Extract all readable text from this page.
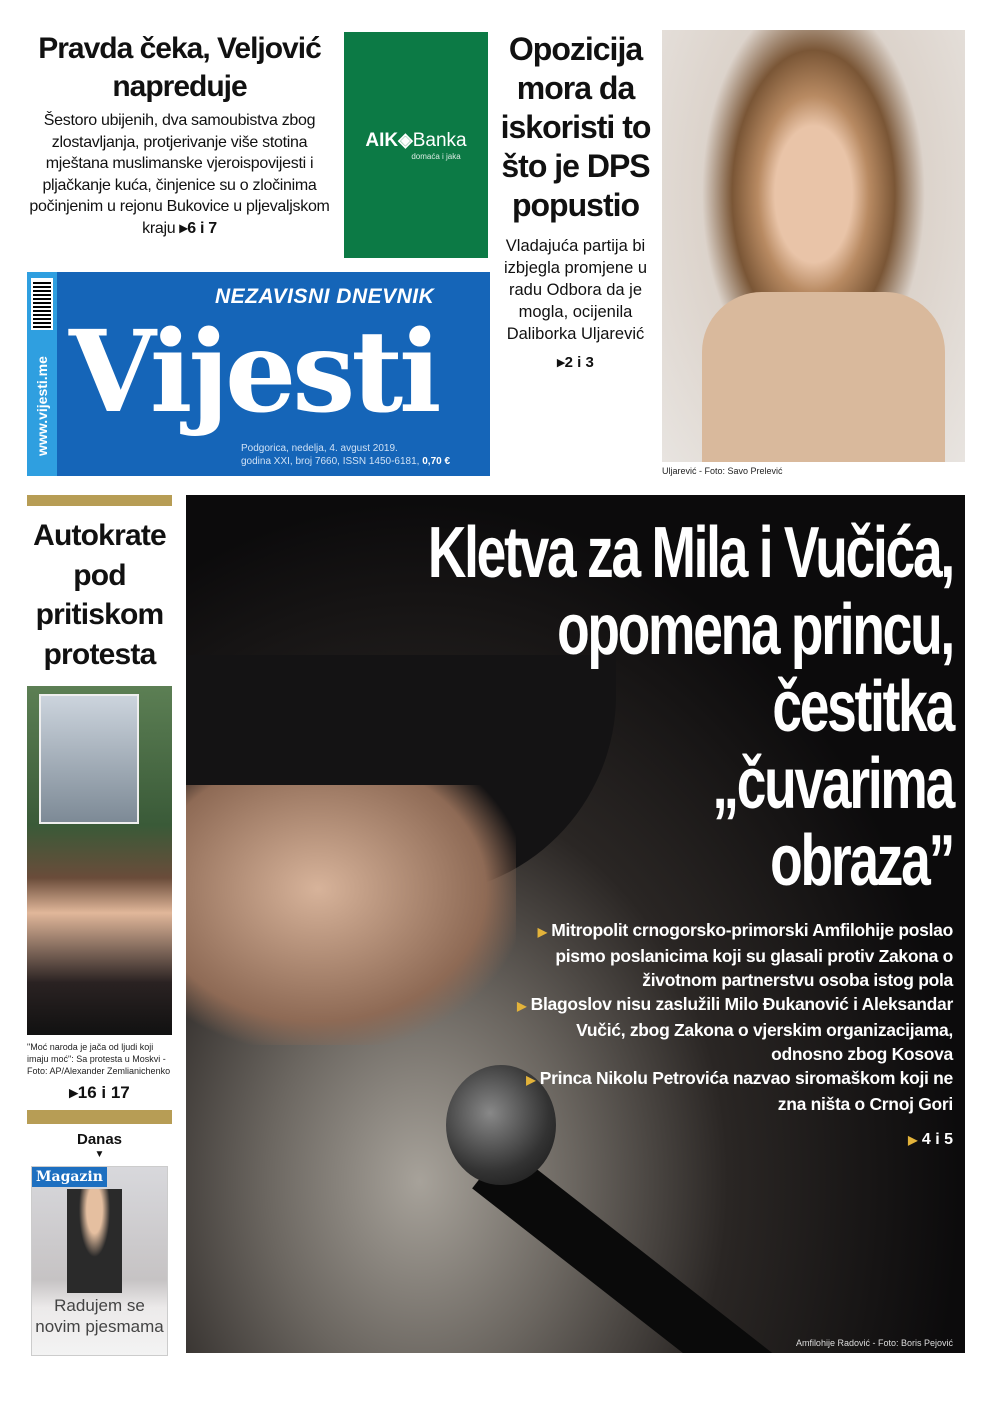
Pravda čeka, Veljović napreduje
Šestoro ubijenih, dva samoubistva zbog zlostavljanja, protjerivanje više stotina mještana muslimanske vjeroispovijesti i pljačkanje kuća, činjenice su o zločinima počinjenim u rejonu Bukovice u pljevaljskom kraju ▸6 i 7
AIK◈Banka
domaća i jaka
Opozicija mora da iskoristi to što je DPS popustio
Vladajuća partija bi izbjegla promjene u radu Odbora da je mogla, ocijenila Daliborka Uljarević
▸2 i 3
Uljarević - Foto: Savo Prelević
www.vijesti.me
NEZAVISNI DNEVNIK
Vijesti
Podgorica, nedelja, 4. avgust 2019.
godina XXI, broj 7660, ISSN 1450-6181, 0,70 €
Autokrate pod pritiskom protesta
"Moć naroda je jača od ljudi koji imaju moć": Sa protesta u Moskvi - Foto: AP/Alexander Zemlianichenko
▸16 i 17
Danas
▼
Magazin
Radujem se novim pjesmama
Kletva za Mila i Vučića,
opomena princu,
čestitka
„čuvarima
obraza”
▶ Mitropolit crnogorsko-primorski Amfilohije poslao pismo poslanicima koji su glasali protiv Zakona o životnom partnerstvu osoba istog pola
▶ Blagoslov nisu zaslužili Milo Đukanović i Aleksandar Vučić, zbog Zakona o vjerskim organizacijama, odnosno zbog Kosova
▶ Princa Nikolu Petrovića nazvao siromaškom koji ne zna ništa o Crnoj Gori
▶ 4 i 5
Amfilohije Radović - Foto: Boris Pejović
